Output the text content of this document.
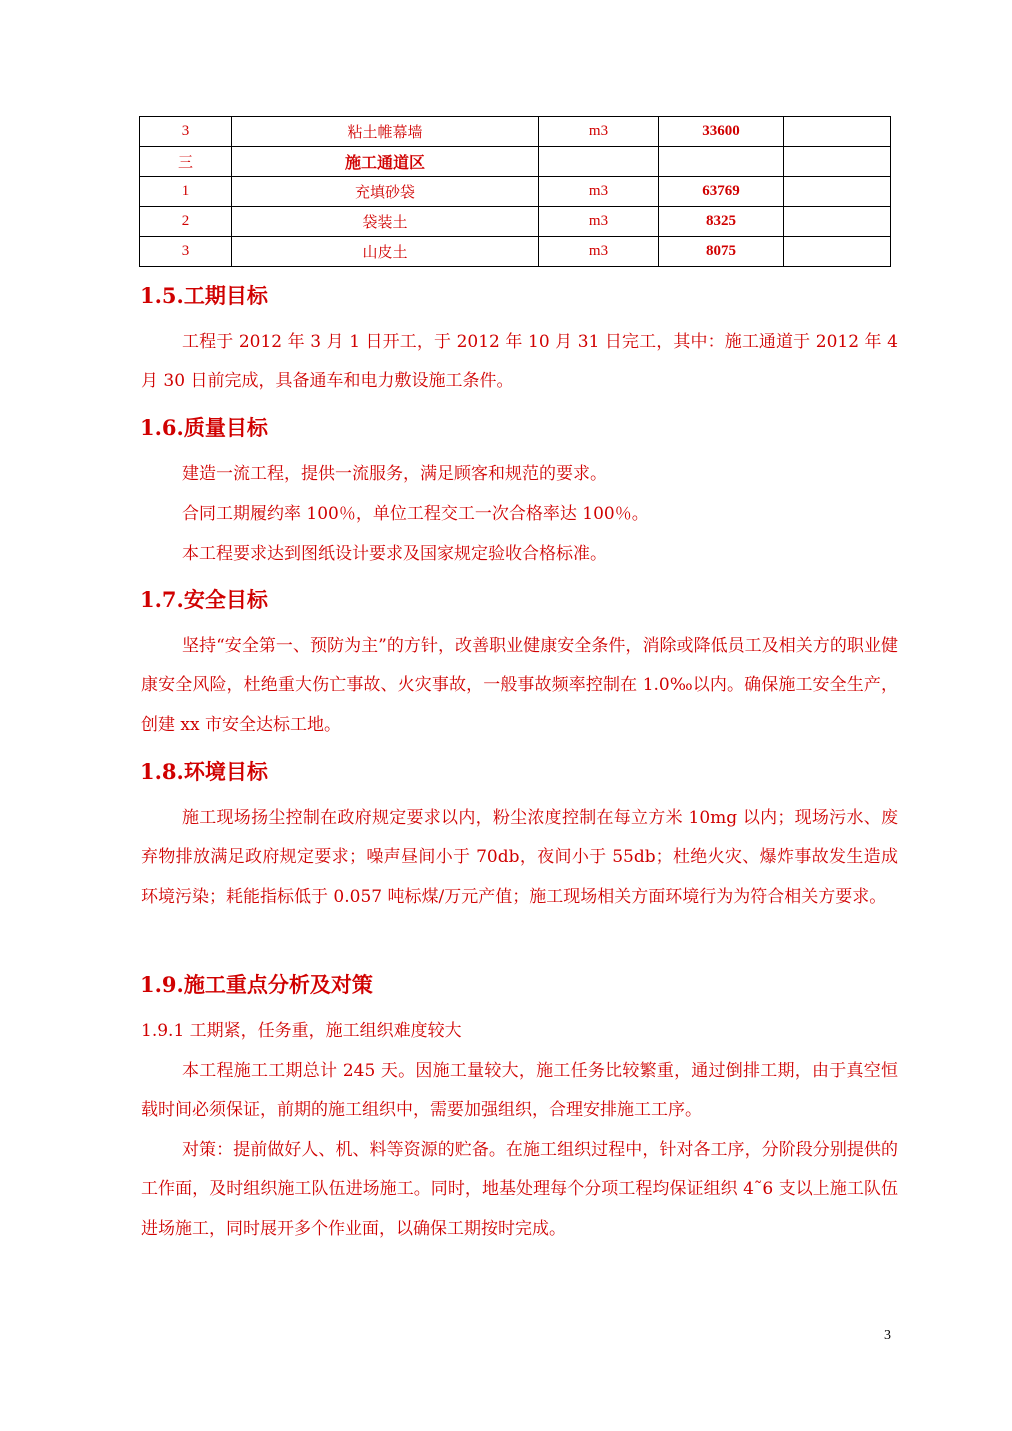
3	粘土帷幕墙	m3	33600	
三	施工通道区			
1	充填砂袋	m3	63769	
2	袋装土	m3	8325	
3	山皮土	m3	8075	
1.5.工期目标

工程于 2012 年 3 月 1 日开工，于 2012 年 10 月 31 日完工，其中：施工通道于 2012 年 4 月 30 日前完成，具备通车和电力敷设施工条件。

1.6.质量目标

建造一流工程，提供一流服务，满足顾客和规范的要求。

合同工期履约率 100％，单位工程交工一次合格率达 100％。

本工程要求达到图纸设计要求及国家规定验收合格标准。

1.7.安全目标

坚持“安全第一、预防为主”的方针，改善职业健康安全条件，消除或降低员工及相关方的职业健康安全风险，杜绝重大伤亡事故、火灾事故，一般事故频率控制在 1.0‰以内。确保施工安全生产，创建 xx 市安全达标工地。

1.8.环境目标

施工现场扬尘控制在政府规定要求以内，粉尘浓度控制在每立方米 10mg 以内；现场污水、废弃物排放满足政府规定要求；噪声昼间小于 70db，夜间小于 55db；杜绝火灾、爆炸事故发生造成环境污染；耗能指标低于 0.057 吨标煤/万元产值；施工现场相关方面环境行为为符合相关方要求。

1.9.施工重点分析及对策

1.9.1 工期紧，任务重，施工组织难度较大

本工程施工工期总计 245 天。因施工量较大，施工任务比较繁重，通过倒排工期，由于真空恒载时间必须保证，前期的施工组织中，需要加强组织，合理安排施工工序。

对策：提前做好人、机、料等资源的贮备。在施工组织过程中，针对各工序，分阶段分别提供的工作面，及时组织施工队伍进场施工。同时，地基处理每个分项工程均保证组织 4˜6 支以上施工队伍进场施工，同时展开多个作业面，以确保工期按时完成。

3
